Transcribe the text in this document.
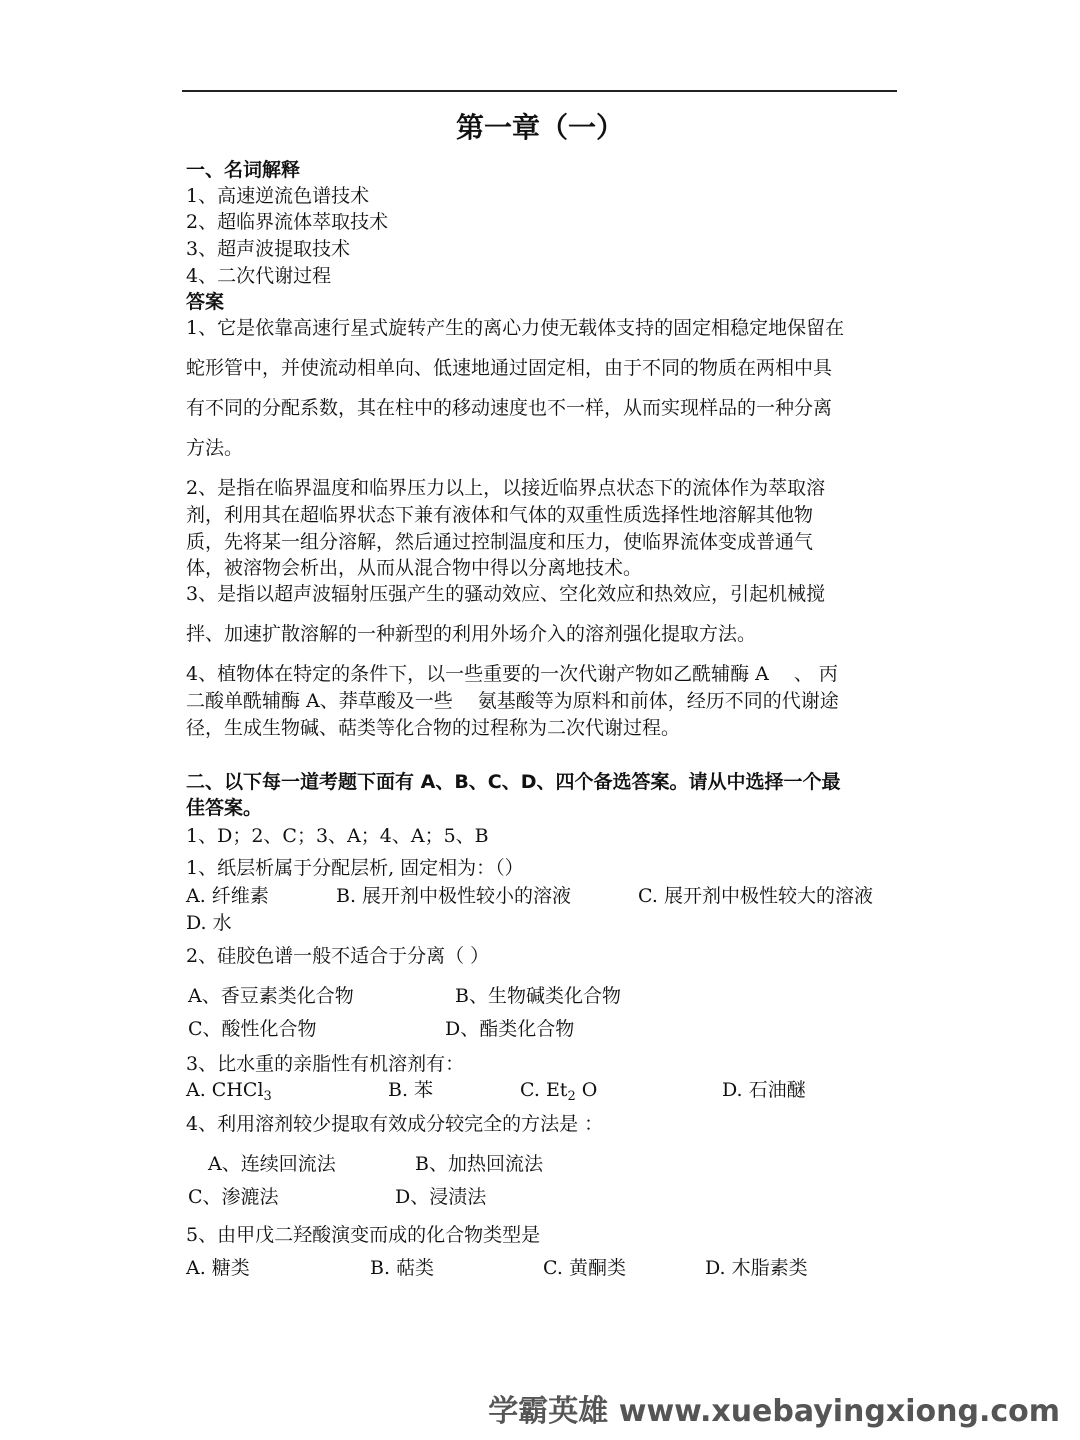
第一章（一）
一、名词解释
1、高速逆流色谱技术
2、超临界流体萃取技术
3、超声波提取技术
4、二次代谢过程
答案
1、它是依靠高速行星式旋转产生的离心力使无载体支持的固定相稳定地保留在
蛇形管中，并使流动相单向、低速地通过固定相，由于不同的物质在两相中具
有不同的分配系数，其在柱中的移动速度也不一样，从而实现样品的一种分离
方法。
2、是指在临界温度和临界压力以上，以接近临界点状态下的流体作为萃取溶
剂，利用其在超临界状态下兼有液体和气体的双重性质选择性地溶解其他物
质，先将某一组分溶解，然后通过控制温度和压力，使临界流体变成普通气
体，被溶物会析出，从而从混合物中得以分离地技术。
3、是指以超声波辐射压强产生的骚动效应、空化效应和热效应，引起机械搅
拌、加速扩散溶解的一种新型的利用外场介入的溶剂强化提取方法。
4、植物体在特定的条件下，以一些重要的一次代谢产物如乙酰辅酶 A　 、 丙
二酸单酰辅酶 A、莽草酸及一些　 氨基酸等为原料和前体，经历不同的代谢途
径，生成生物碱、萜类等化合物的过程称为二次代谢过程。
二、以下每一道考题下面有 A、B、C、D、四个备选答案。请从中选择一个最
佳答案。
1、D；2、C；3、A；4、A；5、B
1、纸层析属于分配层析, 固定相为：（）
A. 纤维素	B. 展开剂中极性较小的溶液	C. 展开剂中极性较大的溶液
D. 水
2、硅胶色谱一般不适合于分离（ ）
A、香豆素类化合物	B、生物碱类化合物
C、酸性化合物	D、酯类化合物
3、比水重的亲脂性有机溶剂有：
A. CHCl$_3$	B. 苯	C. $Et_2$ O	D. 石油醚
4、利用溶剂较少提取有效成分较完全的方法是 ：
A、连续回流法	B、加热回流法
C、渗漉法	D、浸渍法
5、由甲戊二羟酸演变而成的化合物类型是
A. 糖类	B. 萜类	C. 黄酮类	D. 木脂素类
学霸英雄 www.xuebayingxiong.com
